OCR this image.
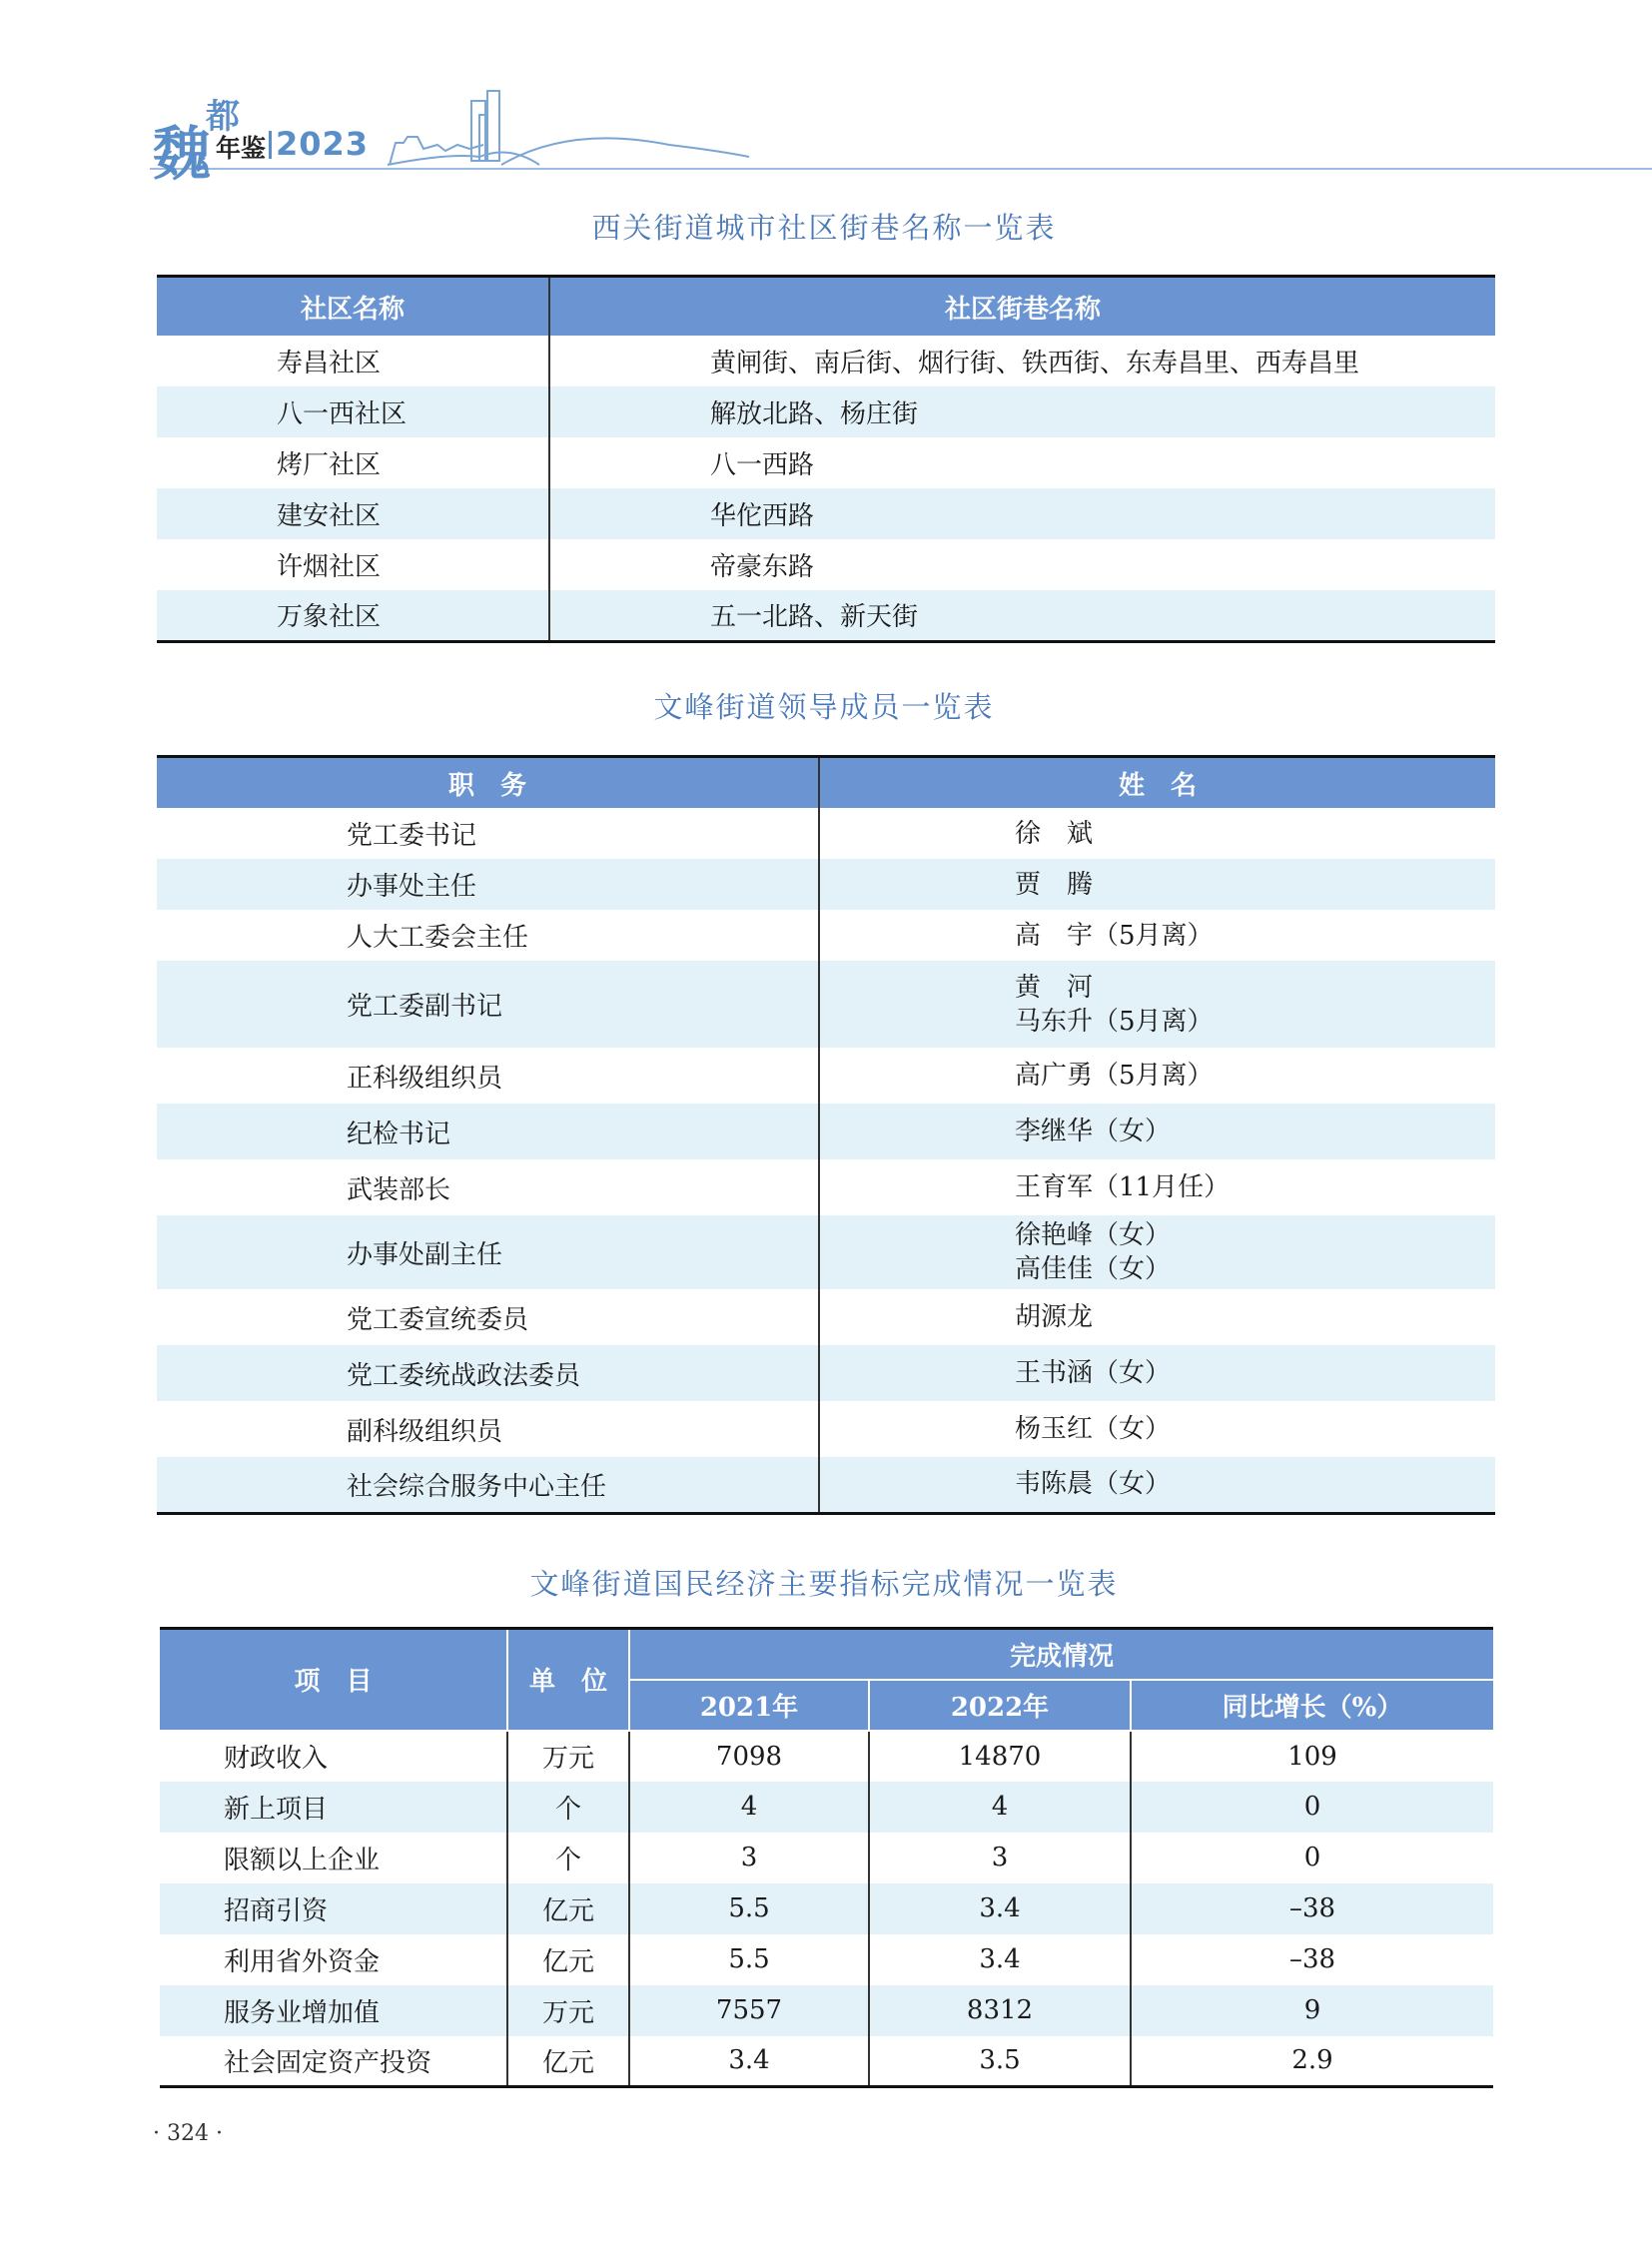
魏
都
年鉴 2023
西关街道城市社区街巷名称一览表
社区名称	社区街巷名称
寿昌社区	黄闸街、南后街、烟行街、铁西街、东寿昌里、西寿昌里
八一西社区	解放北路、杨庄街
烤厂社区	八一西路
建安社区	华佗西路
许烟社区	帝豪东路
万象社区	五一北路、新天街
文峰街道领导成员一览表
职　务	姓　名
党工委书记	徐　斌
办事处主任	贾　腾
人大工委会主任	高　宇（5月离）
党工委副书记	黄　河
马东升（5月离）

正科级组织员	高广勇（5月离）
纪检书记	李继华（女）
武装部长	王育军（11月任）
办事处副主任	徐艳峰（女）
高佳佳（女）

党工委宣统委员	胡源龙
党工委统战政法委员	王书涵（女）
副科级组织员	杨玉红（女）
社会综合服务中心主任	韦陈晨（女）
文峰街道国民经济主要指标完成情况一览表
项　目	单　位	完成情况		
		2021年	2022年	同比增长（%）
财政收入	万元	7098	14870	109
新上项目	个	4	4	0
限额以上企业	个	3	3	0
招商引资	亿元	5.5	3.4	–38
利用省外资金	亿元	5.5	3.4	–38
服务业增加值	万元	7557	8312	9
社会固定资产投资	亿元	3.4	3.5	2.9
· 324 ·
